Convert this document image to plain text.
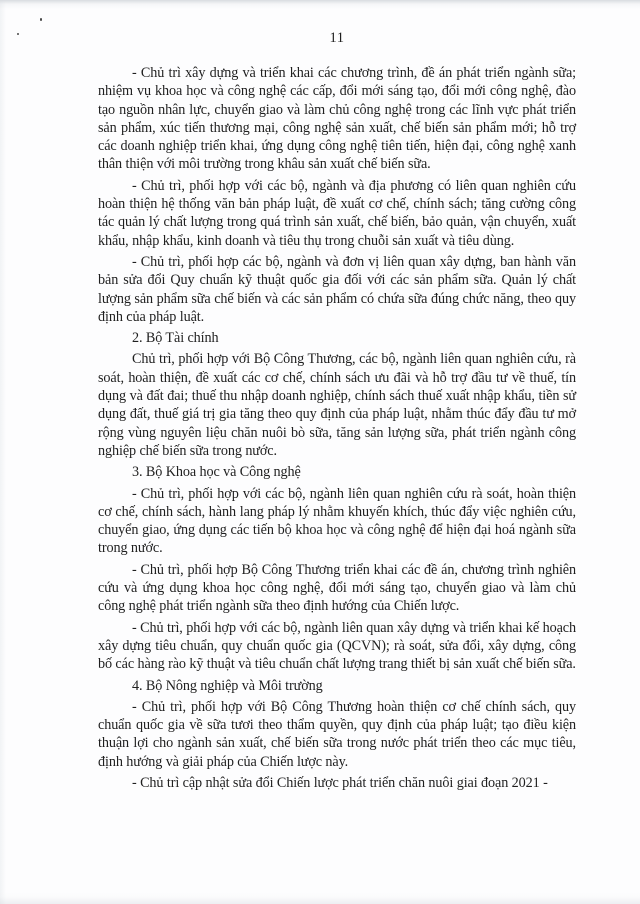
11

- Chủ trì xây dựng và triển khai các chương trình, đề án phát triển ngành sữa; nhiệm vụ khoa học và công nghệ các cấp, đổi mới sáng tạo, đổi mới công nghệ, đào tạo nguồn nhân lực, chuyển giao và làm chủ công nghệ trong các lĩnh vực phát triển sản phẩm, xúc tiến thương mại, công nghệ sản xuất, chế biến sản phẩm mới; hỗ trợ các doanh nghiệp triển khai, ứng dụng công nghệ tiên tiến, hiện đại, công nghệ xanh thân thiện với môi trường trong khâu sản xuất chế biến sữa.

- Chủ trì, phối hợp với các bộ, ngành và địa phương có liên quan nghiên cứu hoàn thiện hệ thống văn bản pháp luật, đề xuất cơ chế, chính sách; tăng cường công tác quản lý chất lượng trong quá trình sản xuất, chế biến, bảo quản, vận chuyển, xuất khẩu, nhập khẩu, kinh doanh và tiêu thụ trong chuỗi sản xuất và tiêu dùng.

- Chủ trì, phối hợp các bộ, ngành và đơn vị liên quan xây dựng, ban hành văn bản sửa đổi Quy chuẩn kỹ thuật quốc gia đối với các sản phẩm sữa. Quản lý chất lượng sản phẩm sữa chế biến và các sản phẩm có chứa sữa đúng chức năng, theo quy định của pháp luật.

2. Bộ Tài chính

Chủ trì, phối hợp với Bộ Công Thương, các bộ, ngành liên quan nghiên cứu, rà soát, hoàn thiện, đề xuất các cơ chế, chính sách ưu đãi và hỗ trợ đầu tư về thuế, tín dụng và đất đai; thuế thu nhập doanh nghiệp, chính sách thuế xuất nhập khẩu, tiền sử dụng đất, thuế giá trị gia tăng theo quy định của pháp luật, nhằm thúc đẩy đầu tư mở rộng vùng nguyên liệu chăn nuôi bò sữa, tăng sản lượng sữa, phát triển ngành công nghiệp chế biến sữa trong nước.

3. Bộ Khoa học và Công nghệ

- Chủ trì, phối hợp với các bộ, ngành liên quan nghiên cứu rà soát, hoàn thiện cơ chế, chính sách, hành lang pháp lý nhằm khuyến khích, thúc đẩy việc nghiên cứu, chuyển giao, ứng dụng các tiến bộ khoa học và công nghệ để hiện đại hoá ngành sữa trong nước.

- Chủ trì, phối hợp Bộ Công Thương triển khai các đề án, chương trình nghiên cứu và ứng dụng khoa học công nghệ, đổi mới sáng tạo, chuyển giao và làm chủ công nghệ phát triển ngành sữa theo định hướng của Chiến lược.

- Chủ trì, phối hợp với các bộ, ngành liên quan xây dựng và triển khai kế hoạch xây dựng tiêu chuẩn, quy chuẩn quốc gia (QCVN); rà soát, sửa đổi, xây dựng, công bố các hàng rào kỹ thuật và tiêu chuẩn chất lượng trang thiết bị sản xuất chế biến sữa.

4. Bộ Nông nghiệp và Môi trường

- Chủ trì, phối hợp với Bộ Công Thương hoàn thiện cơ chế chính sách, quy chuẩn quốc gia về sữa tươi theo thẩm quyền, quy định của pháp luật; tạo điều kiện thuận lợi cho ngành sản xuất, chế biến sữa trong nước phát triển theo các mục tiêu, định hướng và giải pháp của Chiến lược này.

- Chủ trì cập nhật sửa đổi Chiến lược phát triển chăn nuôi giai đoạn 2021 -
